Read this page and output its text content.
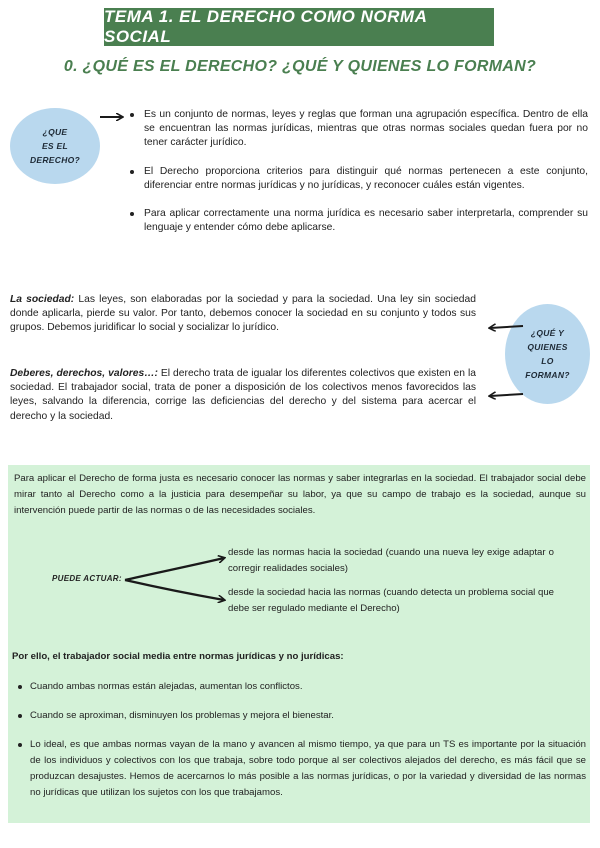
TEMA 1. EL DERECHO COMO NORMA SOCIAL
0. ¿QUÉ ES EL DERECHO? ¿QUÉ Y QUIENES LO FORMAN?
¿QUE
ES EL
DERECHO?
Es un conjunto de normas, leyes y reglas que forman una agrupación específica. Dentro de ella se encuentran las normas jurídicas, mientras que otras normas sociales quedan fuera por no tener carácter jurídico.
El Derecho proporciona criterios para distinguir qué normas pertenecen a este conjunto, diferenciar entre normas jurídicas y no jurídicas, y reconocer cuáles están vigentes.
Para aplicar correctamente una norma jurídica es necesario saber interpretarla, comprender su lenguaje y entender cómo debe aplicarse.
La sociedad: Las leyes, son elaboradas por la sociedad y para la sociedad. Una ley sin sociedad donde aplicarla, pierde su valor. Por tanto, debemos conocer la sociedad en su conjunto y todos sus grupos. Debemos juridificar lo social y socializar lo jurídico.
Deberes, derechos, valores…: El derecho trata de igualar los diferentes colectivos que existen en la sociedad. El trabajador social, trata de poner a disposición de los colectivos menos favorecidos las leyes, salvando la diferencia, corrige las deficiencias del derecho y del sistema para acercar el derecho y la sociedad.
¿QUÉ Y
QUIENES
LO
FORMAN?
Para aplicar el Derecho de forma justa es necesario conocer las normas y saber integrarlas en la sociedad. El trabajador social debe mirar tanto al Derecho como a la justicia para desempeñar su labor, ya que su campo de trabajo es la sociedad, aunque su intervención puede partir de las normas o de las necesidades sociales.
PUEDE ACTUAR:
desde las normas hacia la sociedad (cuando una nueva ley exige adaptar o corregir realidades sociales)
desde la sociedad hacia las normas (cuando detecta un problema social que debe ser regulado mediante el Derecho)
Por ello, el trabajador social media entre normas jurídicas y no jurídicas:
Cuando ambas normas están alejadas, aumentan los conflictos.
Cuando se aproximan, disminuyen los problemas y mejora el bienestar.
Lo ideal, es que ambas normas vayan de la mano y avancen al mismo tiempo, ya que para un TS es importante por la situación de los individuos y colectivos con los que trabaja, sobre todo porque al ser colectivos alejados del derecho, es más fácil que se produzcan desajustes. Hemos de acercarnos lo más posible a las normas jurídicas, o por la variedad y diversidad de las normas no jurídicas que utilizan los sujetos con los que trabajamos.
